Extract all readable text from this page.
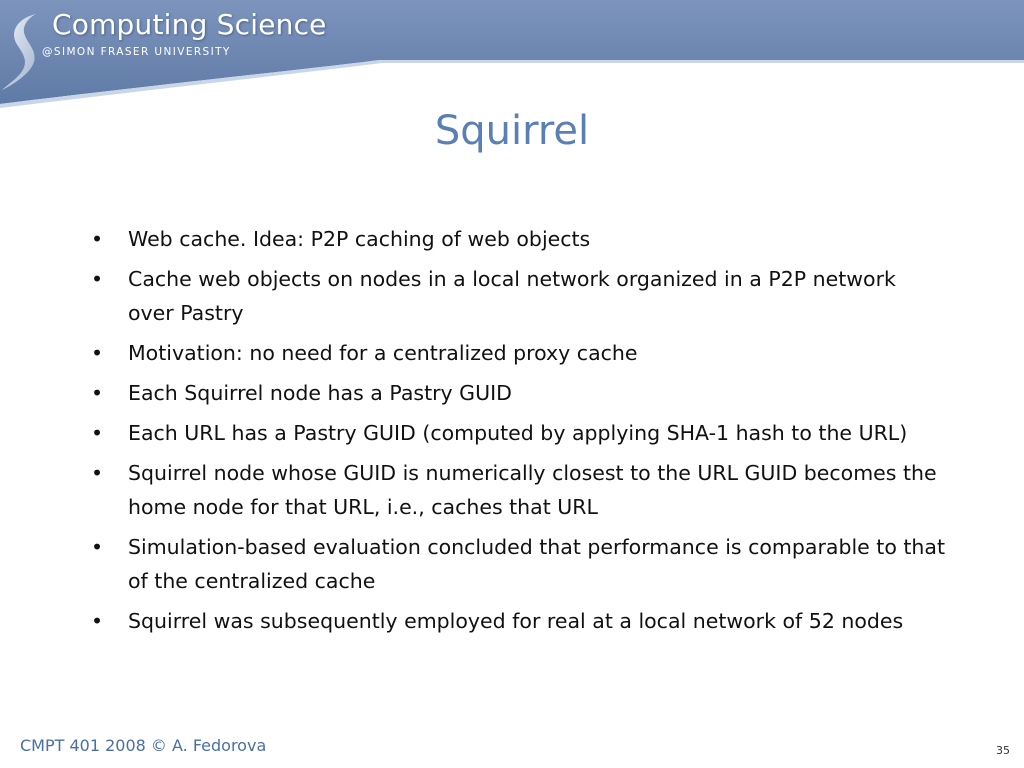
Computing Science
@SIMON FRASER UNIVERSITY
Squirrel
• Web cache. Idea: P2P caching of web objects
• Cache web objects on nodes in a local network organized in a P2P network over Pastry
• Motivation: no need for a centralized proxy cache
• Each Squirrel node has a Pastry GUID
• Each URL has a Pastry GUID (computed by applying SHA-1 hash to the URL)
• Squirrel node whose GUID is numerically closest to the URL GUID becomes the home node for that URL, i.e., caches that URL
• Simulation-based evaluation concluded that performance is comparable to that of the centralized cache
• Squirrel was subsequently employed for real at a local network of 52 nodes
CMPT 401 2008 © A. Fedorova	35
